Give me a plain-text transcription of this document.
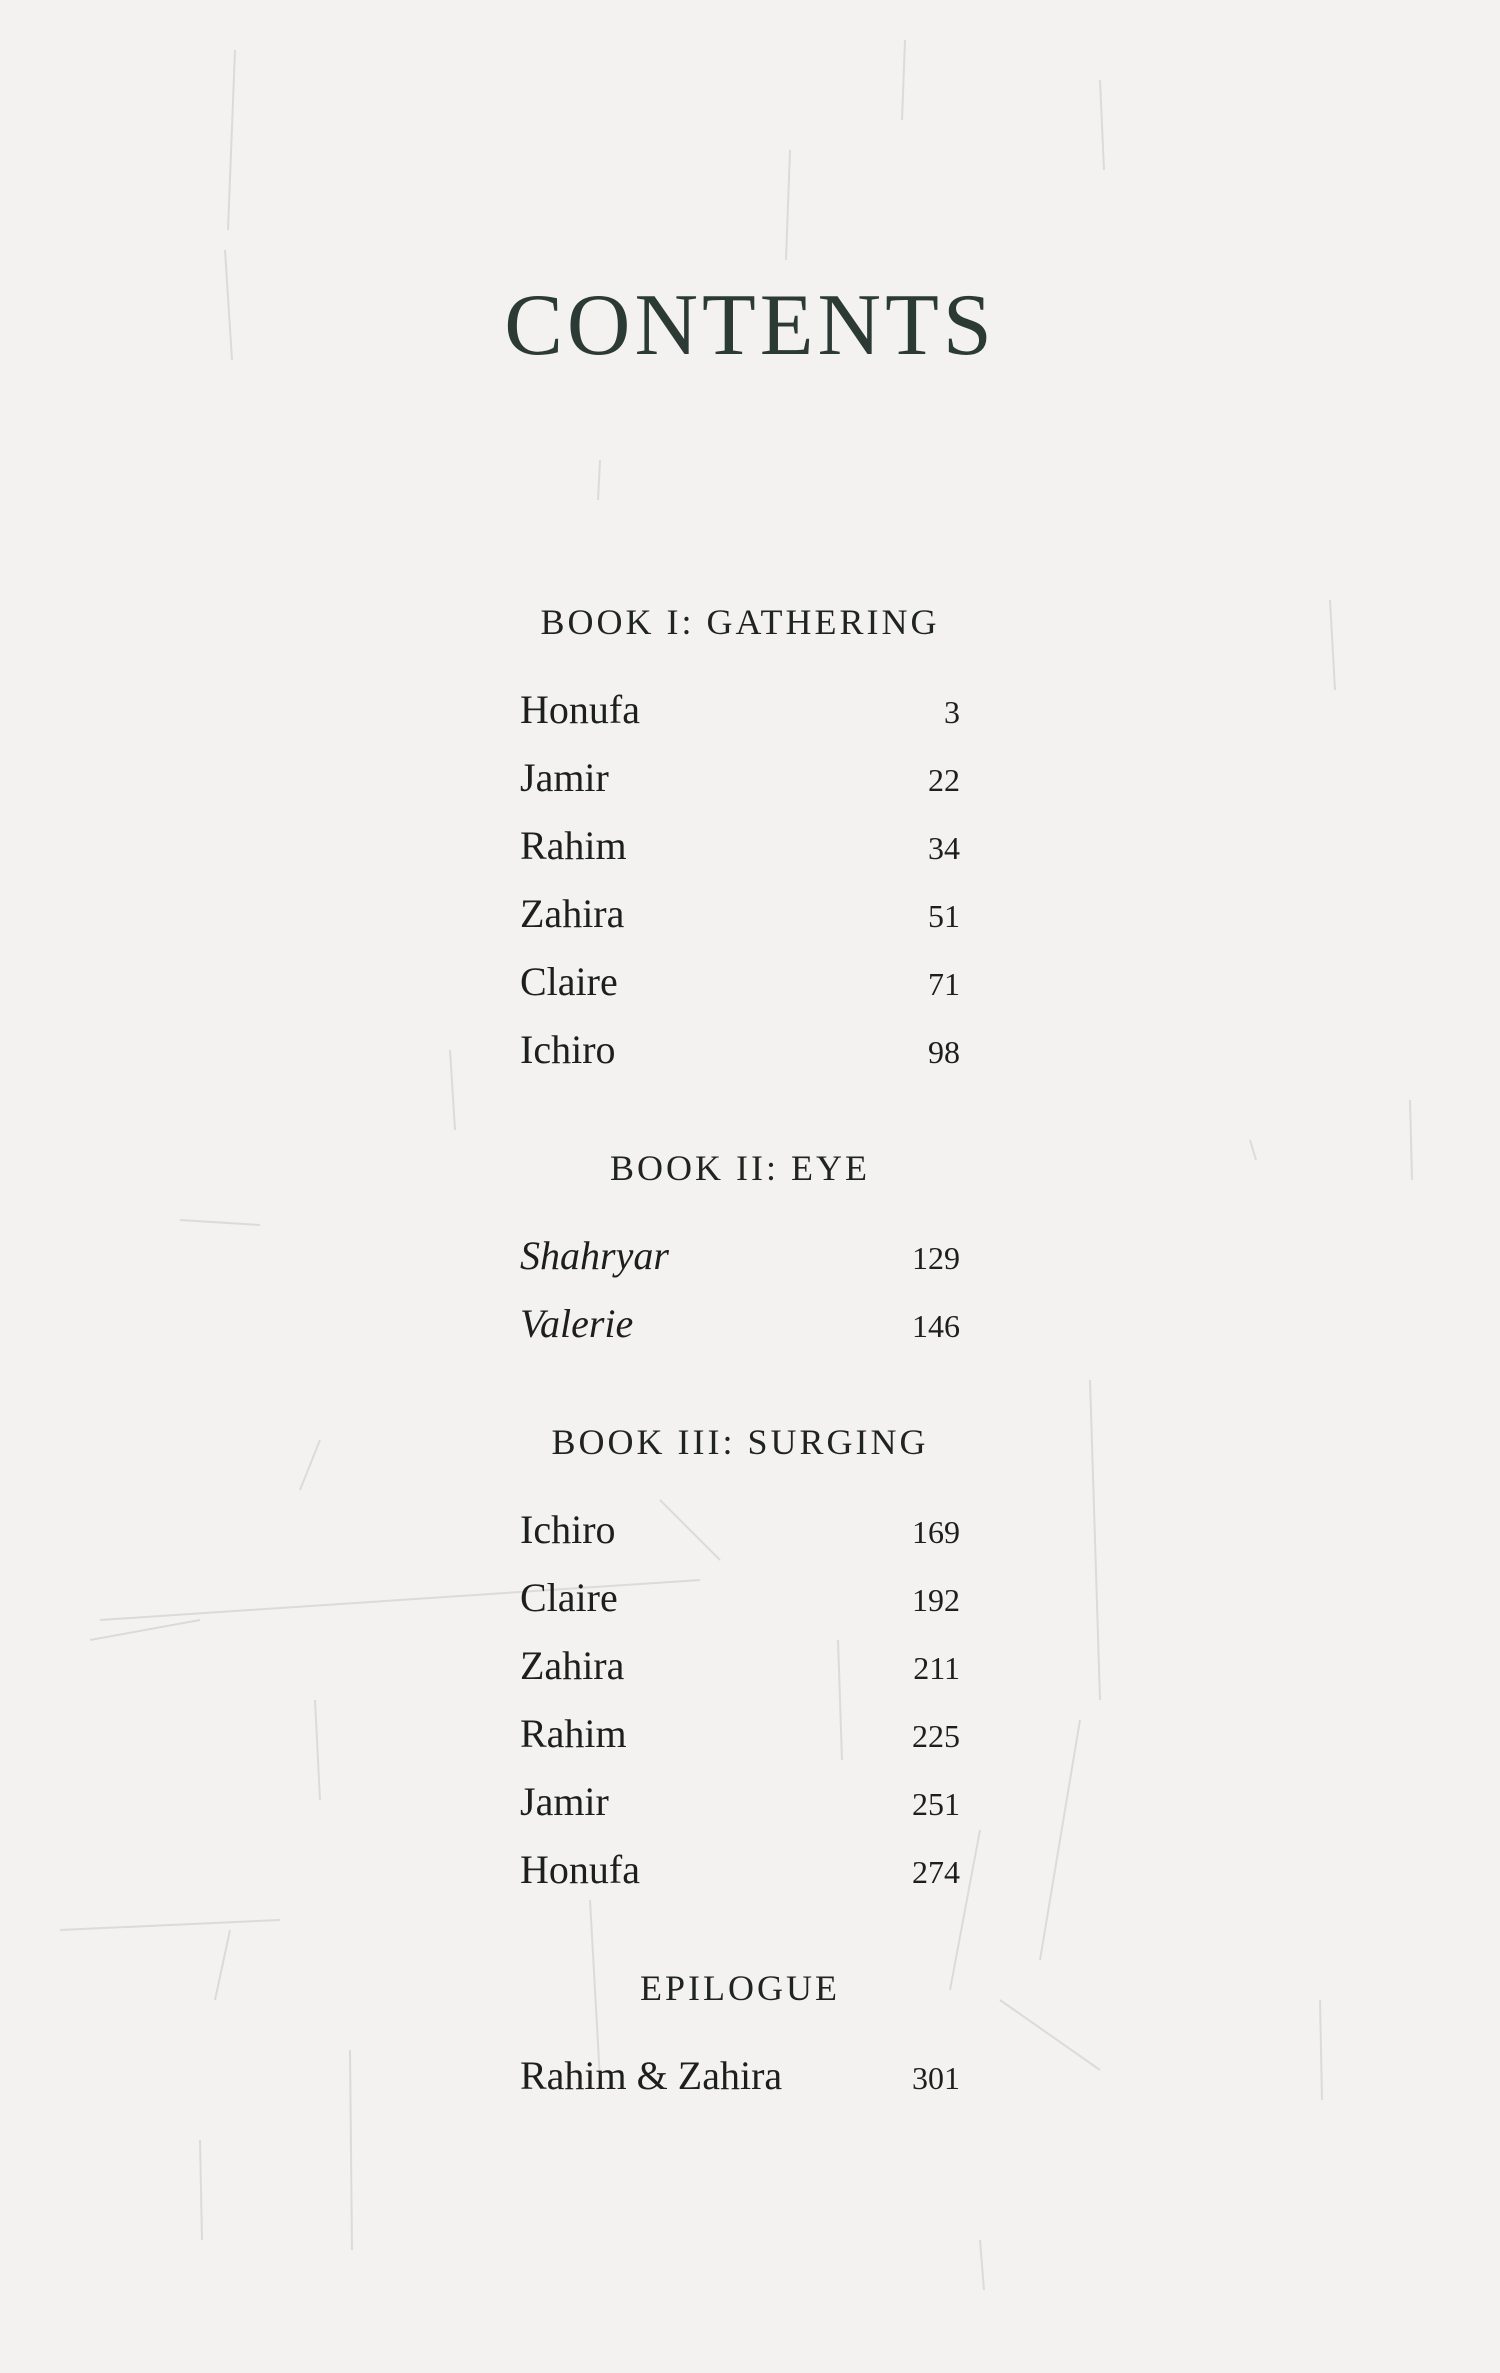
CONTENTS
BOOK I: GATHERING
Honufa	3
Jamir	22
Rahim	34
Zahira	51
Claire	71
Ichiro	98
BOOK II: EYE
Shahryar	129
Valerie	146
BOOK III: SURGING
Ichiro	169
Claire	192
Zahira	211
Rahim	225
Jamir	251
Honufa	274
EPILOGUE
Rahim & Zahira	301
